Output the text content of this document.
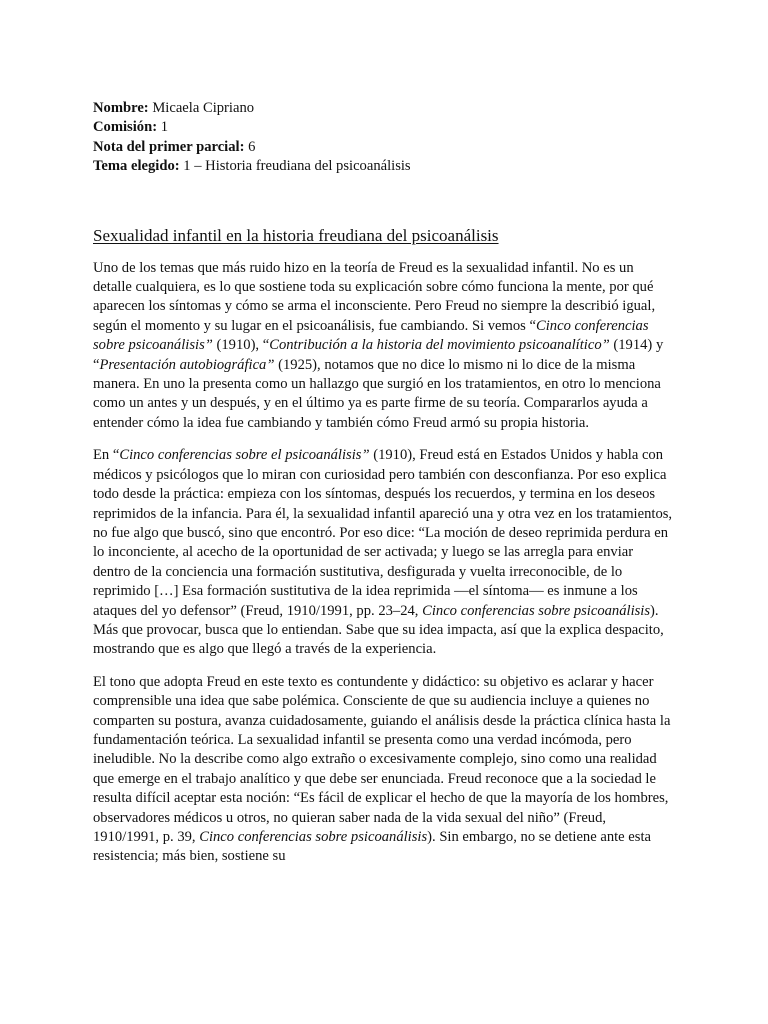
Nombre: Micaela Cipriano

Comisión: 1

Nota del primer parcial: 6

Tema elegido: 1 – Historia freudiana del psicoanálisis

Sexualidad infantil en la historia freudiana del psicoanálisis

Uno de los temas que más ruido hizo en la teoría de Freud es la sexualidad infantil. No es un detalle cualquiera, es lo que sostiene toda su explicación sobre cómo funciona la mente, por qué aparecen los síntomas y cómo se arma el inconsciente. Pero Freud no siempre la describió igual, según el momento y su lugar en el psicoanálisis, fue cambiando. Si vemos “Cinco conferencias sobre psicoanálisis” (1910), “Contribución a la historia del movimiento psicoanalítico” (1914) y “Presentación autobiográfica” (1925), notamos que no dice lo mismo ni lo dice de la misma manera. En uno la presenta como un hallazgo que surgió en los tratamientos, en otro lo menciona como un antes y un después, y en el último ya es parte firme de su teoría. Compararlos ayuda a entender cómo la idea fue cambiando y también cómo Freud armó su propia historia.

En “Cinco conferencias sobre el psicoanálisis” (1910), Freud está en Estados Unidos y habla con médicos y psicólogos que lo miran con curiosidad pero también con desconfianza. Por eso explica todo desde la práctica: empieza con los síntomas, después los recuerdos, y termina en los deseos reprimidos de la infancia. Para él, la sexualidad infantil apareció una y otra vez en los tratamientos, no fue algo que buscó, sino que encontró. Por eso dice: “La moción de deseo reprimida perdura en lo inconciente, al acecho de la oportunidad de ser activada; y luego se las arregla para enviar dentro de la conciencia una formación sustitutiva, desfigurada y vuelta irreconocible, de lo reprimido […] Esa formación sustitutiva de la idea reprimida —el síntoma— es inmune a los ataques del yo defensor” (Freud, 1910/1991, pp. 23–24, Cinco conferencias sobre psicoanálisis). Más que provocar, busca que lo entiendan. Sabe que su idea impacta, así que la explica despacito, mostrando que es algo que llegó a través de la experiencia.

El tono que adopta Freud en este texto es contundente y didáctico: su objetivo es aclarar y hacer comprensible una idea que sabe polémica. Consciente de que su audiencia incluye a quienes no comparten su postura, avanza cuidadosamente, guiando el análisis desde la práctica clínica hasta la fundamentación teórica. La sexualidad infantil se presenta como una verdad incómoda, pero ineludible. No la describe como algo extraño o excesivamente complejo, sino como una realidad que emerge en el trabajo analítico y que debe ser enunciada. Freud reconoce que a la sociedad le resulta difícil aceptar esta noción: “Es fácil de explicar el hecho de que la mayoría de los hombres, observadores médicos u otros, no quieran saber nada de la vida sexual del niño” (Freud, 1910/1991, p. 39, Cinco conferencias sobre psicoanálisis). Sin embargo, no se detiene ante esta resistencia; más bien, sostiene su
